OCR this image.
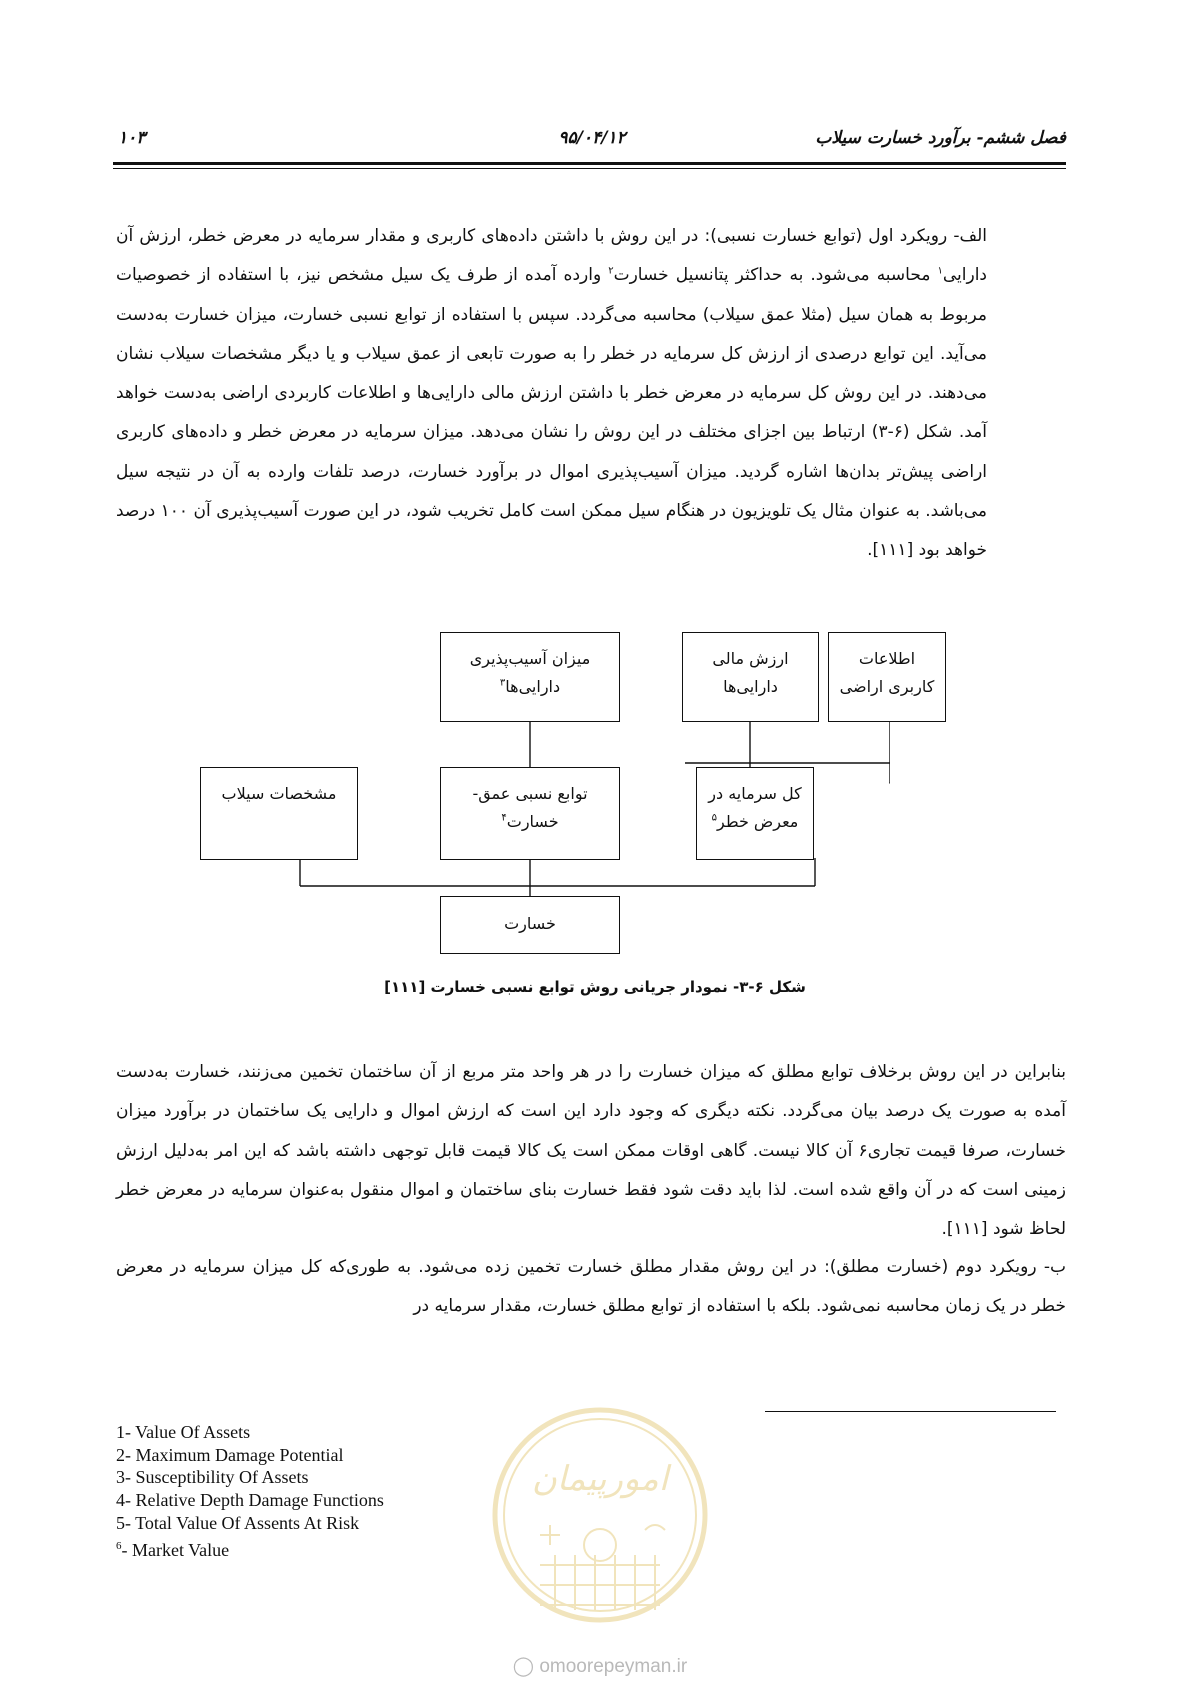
فصل ششم- برآورد خسارت سیلاب
۹۵/۰۴/۱۲
۱۰۳

الف- رویکرد اول (توابع خسارت نسبی): در این روش با داشتن داده‌های کاربری و مقدار سرمایه در معرض خطر، ارزش آن دارایی$^۱$ محاسبه می‌شود. به حداکثر پتانسیل خسارت$^۲$ وارده آمده از طرف یک سیل مشخص نیز، با استفاده از خصوصیات مربوط به همان سیل (مثلا عمق سیلاب) محاسبه می‌گردد. سپس با استفاده از توابع نسبی خسارت، میزان خسارت به‌دست می‌آید. این توابع درصدی از ارزش کل سرمایه در خطر را به صورت تابعی از عمق سیلاب و یا دیگر مشخصات سیلاب نشان می‌دهند. در این روش کل سرمایه در معرض خطر با داشتن ارزش مالی دارایی‌ها و اطلاعات کاربردی اراضی به‌دست خواهد آمد. شکل (۶-۳) ارتباط بین اجزای مختلف در این روش را نشان می‌دهد. میزان سرمایه در معرض خطر و داده‌های کاربری اراضی پیش‌تر بدان‌ها اشاره گردید. میزان آسیب‌پذیری اموال در برآورد خسارت، درصد تلفات وارده به آن در نتیجه سیل می‌باشد. به عنوان مثال یک تلویزیون در هنگام سیل ممکن است کامل تخریب شود، در این صورت آسیب‌پذیری آن ۱۰۰ درصد خواهد بود [۱۱۱].

میزان آسیب‌پذیری
دارایی‌ها$^۳$
ارزش مالی
دارایی‌ها
اطلاعات
کاربری اراضی
مشخصات سیلاب	توابع نسبی عمق-
خسارت$^۴$
کل سرمایه در
معرض خطر$^۵$
خسارت
شکل ۶-۳- نمودار جریانی روش توابع نسبی خسارت [۱۱۱]

بنابراین در این روش برخلاف توابع مطلق که میزان خسارت را در هر واحد متر مربع از آن ساختمان تخمین می‌زنند، خسارت به‌دست آمده به صورت یک درصد بیان می‌گردد. نکته دیگری که وجود دارد این است که ارزش اموال و دارایی یک ساختمان در برآورد میزان خسارت، صرفا قیمت تجاری۶ آن کالا نیست. گاهی اوقات ممکن است یک کالا قیمت قابل توجهی داشته باشد که این امر به‌دلیل ارزش زمینی است که در آن واقع شده است. لذا باید دقت شود فقط خسارت بنای ساختمان و اموال منقول به‌عنوان سرمایه در معرض خطر لحاظ شود [۱۱۱].

ب- رویکرد دوم (خسارت مطلق): در این روش مقدار مطلق خسارت تخمین زده می‌شود. به طوری‌که کل میزان سرمایه در معرض خطر در یک زمان محاسبه نمی‌شود. بلکه با استفاده از توابع مطلق خسارت، مقدار سرمایه در

1- Value Of Assets
2- Maximum Damage Potential
3- Susceptibility Of Assets
4- Relative Depth Damage Functions
5- Total Value Of Assents At Risk
$^6$- Market Value
امورپیمان
◯ omoorepeyman.ir
